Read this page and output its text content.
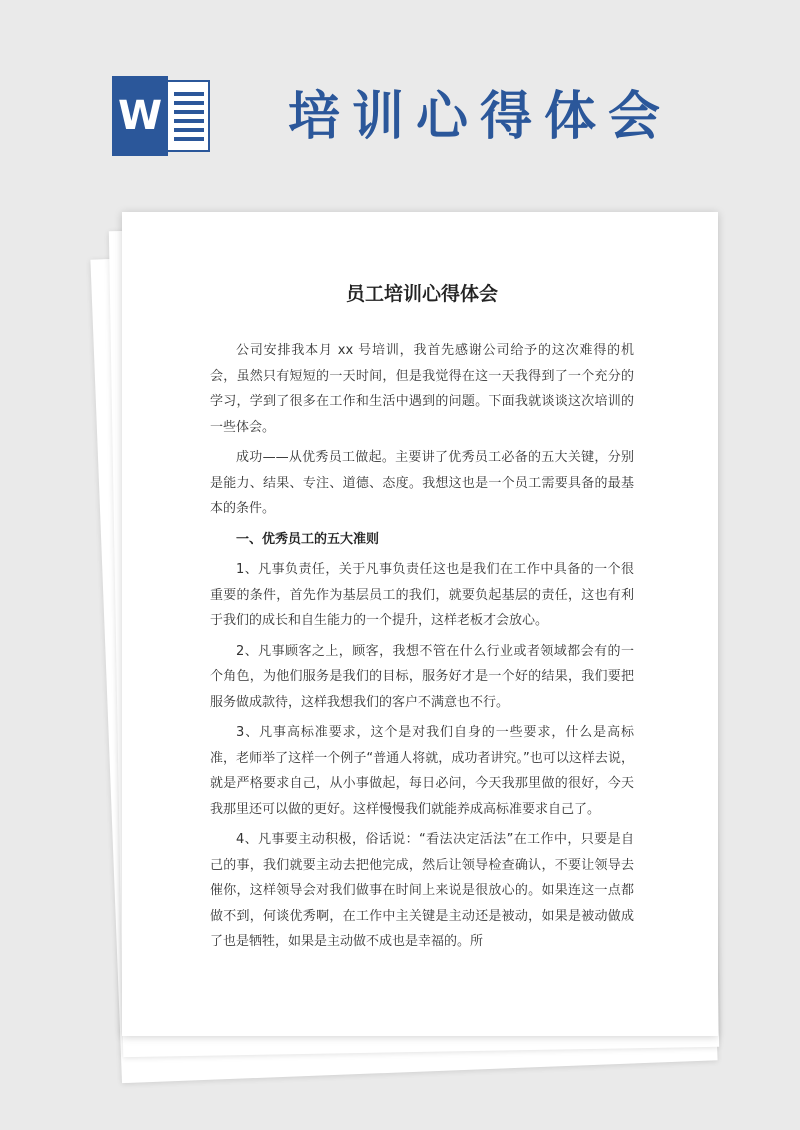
W 培训心得体会
员工培训心得体会

公司安排我本月 xx 号培训，我首先感谢公司给予的这次难得的机会，虽然只有短短的一天时间，但是我觉得在这一天我得到了一个充分的学习，学到了很多在工作和生活中遇到的问题。下面我就谈谈这次培训的一些体会。

成功——从优秀员工做起。主要讲了优秀员工必备的五大关键，分别是能力、结果、专注、道德、态度。我想这也是一个员工需要具备的最基本的条件。

一、优秀员工的五大准则

1、凡事负责任，关于凡事负责任这也是我们在工作中具备的一个很重要的条件，首先作为基层员工的我们，就要负起基层的责任，这也有利于我们的成长和自生能力的一个提升，这样老板才会放心。

2、凡事顾客之上，顾客，我想不管在什么行业或者领域都会有的一个角色，为他们服务是我们的目标，服务好才是一个好的结果，我们要把服务做成款待，这样我想我们的客户不满意也不行。

3、凡事高标准要求，这个是对我们自身的一些要求，什么是高标准，老师举了这样一个例子“普通人将就，成功者讲究。”也可以这样去说，就是严格要求自己，从小事做起，每日必问，今天我那里做的很好，今天我那里还可以做的更好。这样慢慢我们就能养成高标准要求自己了。

4、凡事要主动积极，俗话说：“看法决定活法”在工作中，只要是自己的事，我们就要主动去把他完成，然后让领导检查确认，不要让领导去催你，这样领导会对我们做事在时间上来说是很放心的。如果连这一点都做不到，何谈优秀啊，在工作中主关键是主动还是被动，如果是被动做成了也是牺牲，如果是主动做不成也是幸福的。所
